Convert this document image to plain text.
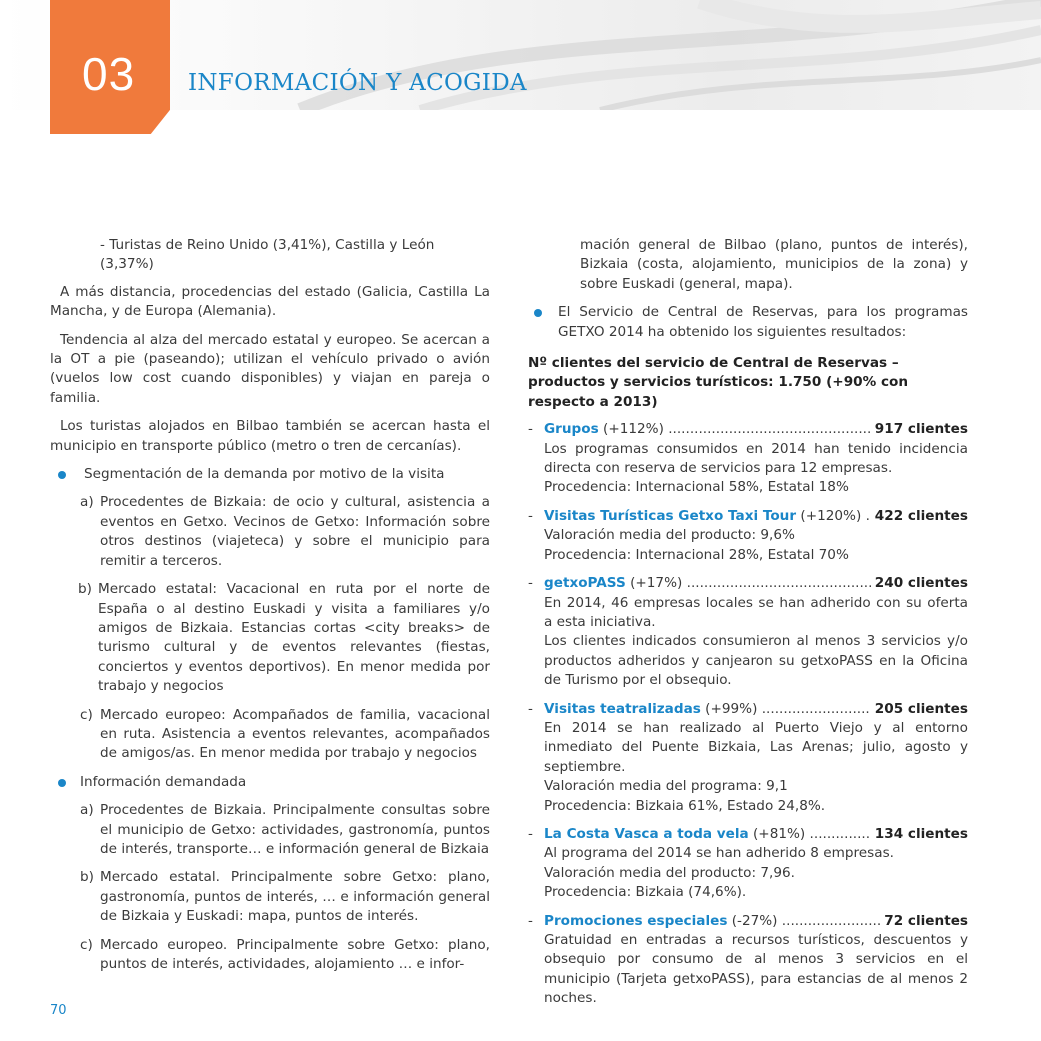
03 INFORMACIÓN Y ACOGIDA

- Turistas de Reino Unido (3,41%), Castilla y León (3,37%)

A más distancia, procedencias del estado (Galicia, Castilla La Mancha, y de Europa (Alemania).

Tendencia al alza del mercado estatal y europeo. Se acercan a la OT a pie (paseando); utilizan el vehículo privado o avión (vuelos low cost cuando disponibles) y viajan en pareja o familia.

Los turistas alojados en Bilbao también se acercan hasta el municipio en transporte público (metro o tren de cercanías).

Segmentación de la demanda por motivo de la visita
a) Procedentes de Bizkaia: de ocio y cultural, asistencia a eventos en Getxo. Vecinos de Getxo: Información sobre otros destinos (viajeteca) y sobre el municipio para remitir a terceros.
b) Mercado estatal: Vacacional en ruta por el norte de España o al destino Euskadi y visita a familiares y/o amigos de Bizkaia. Estancias cortas <city breaks> de turismo cultural y de eventos relevantes (fiestas, conciertos y eventos deportivos). En menor medida por trabajo y negocios
c) Mercado europeo: Acompañados de familia, vacacional en ruta. Asistencia a eventos relevantes, acompañados de amigos/as. En menor medida por trabajo y negocios
Información demandada
a) Procedentes de Bizkaia. Principalmente consultas sobre el municipio de Getxo: actividades, gastronomía, puntos de interés, transporte… e información general de Bizkaia
b) Mercado estatal. Principalmente sobre Getxo: plano, gastronomía, puntos de interés, … e información general de Bizkaia y Euskadi: mapa, puntos de interés.
c) Mercado europeo. Principalmente sobre Getxo: plano, puntos de interés, actividades, alojamiento … e infor-

mación general de Bilbao (plano, puntos de interés), Bizkaia (costa, alojamiento, municipios de la zona) y sobre Euskadi (general, mapa).

El Servicio de Central de Reservas, para los programas GETXO 2014 ha obtenido los siguientes resultados:

Nº clientes del servicio de Central de Reservas – productos y servicios turísticos: 1.750 (+90% con respecto a 2013)

- Grupos (+112%) .....	917 clientes
Los programas consumidos en 2014 han tenido incidencia directa con reserva de servicios para 12 empresas.
Procedencia: Internacional 58%, Estatal 18%
- Visitas Turísticas Getxo Taxi Tour (+120%) ..... 422 clientes
Valoración media del producto: 9,6%
Procedencia: Internacional 28%, Estatal 70%
- getxoPASS (+17%) .....	240 clientes
En 2014, 46 empresas locales se han adherido con su oferta a esta iniciativa.
Los clientes indicados consumieron al menos 3 servicios y/o productos adheridos y canjearon su getxoPASS en la Oficina de Turismo por el obsequio.
- Visitas teatralizadas (+99%) .....	205 clientes
En 2014 se han realizado al Puerto Viejo y al entorno inmediato del Puente Bizkaia, Las Arenas; julio, agosto y septiembre.
Valoración media del programa: 9,1
Procedencia: Bizkaia 61%, Estado 24,8%.
- La Costa Vasca a toda vela (+81%) .....	134 clientes
Al programa del 2014 se han adherido 8 empresas.
Valoración media del producto: 7,96.
Procedencia: Bizkaia (74,6%).
- Promociones especiales (-27%) .....	72 clientes
Gratuidad en entradas a recursos turísticos, descuentos y obsequio por consumo de al menos 3 servicios en el municipio (Tarjeta getxoPASS), para estancias de al menos 2 noches.
70
